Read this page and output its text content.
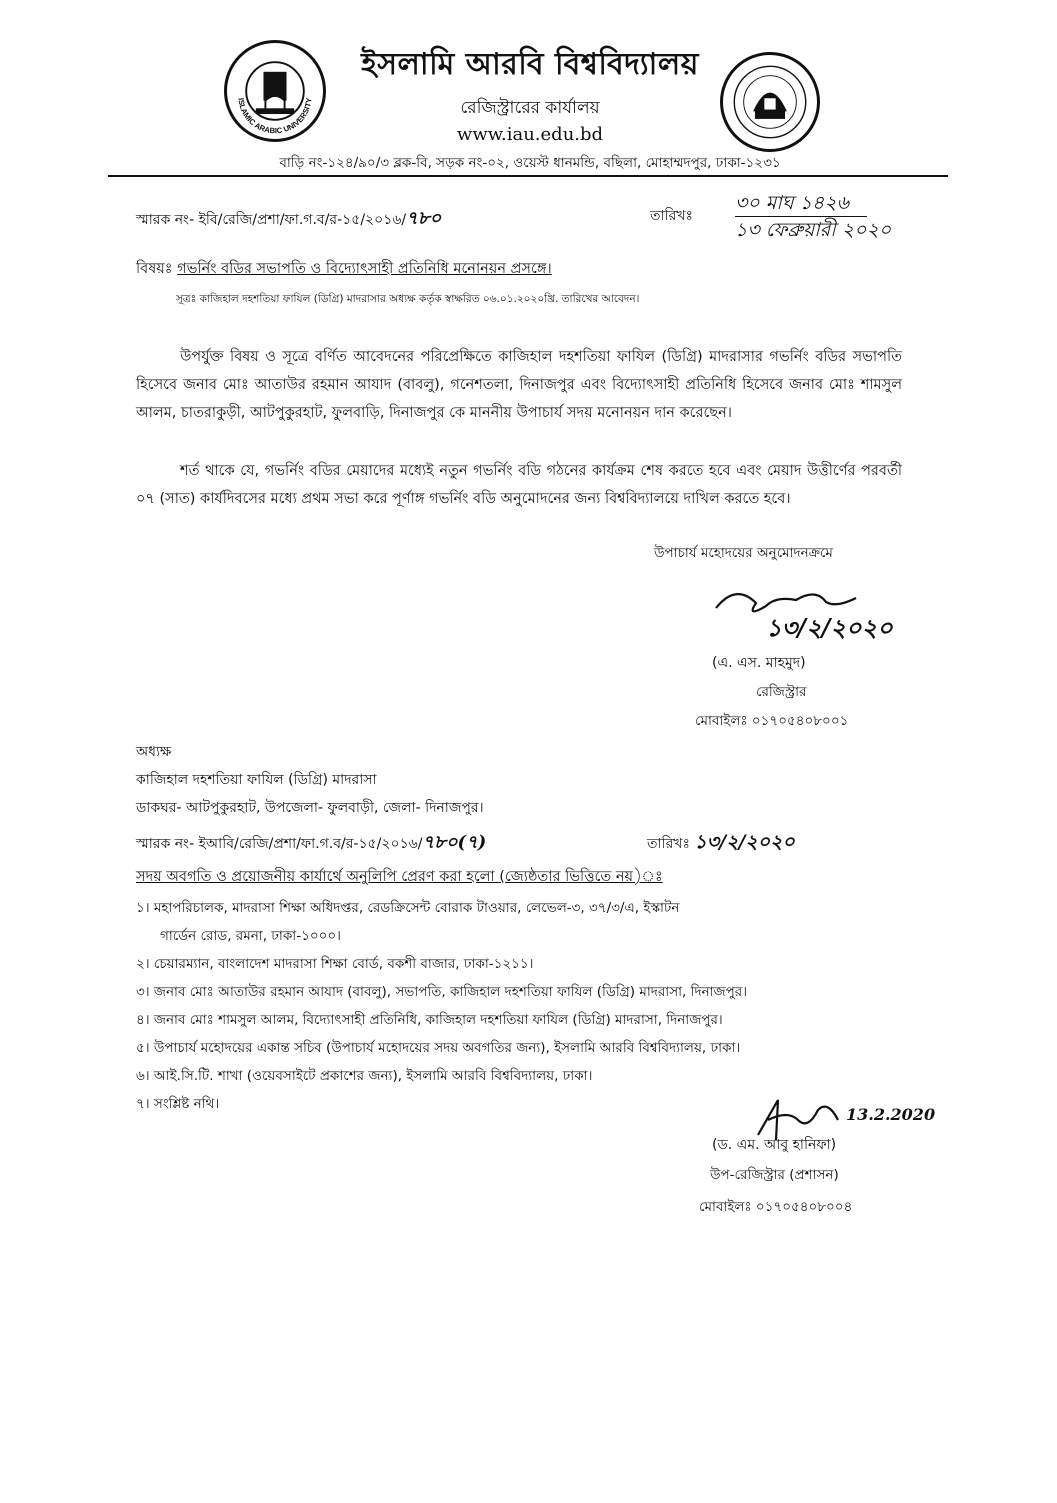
ISLAMIC ARABIC UNIVERSITY
ইসলামি আরবি বিশ্ববিদ্যালয়
রেজিস্ট্রারের কার্যালয়
www.iau.edu.bd
বাড়ি নং-১২৪/৯০/৩ ব্লক-বি, সড়ক নং-০২, ওয়েস্ট ধানমন্ডি, বছিলা, মোহাম্মদপুর, ঢাকা-১২৩১
স্মারক নং- ইবি/রেজি/প্রশা/ফা.গ.ব/র-১৫/২০১৬/৭৮০	তারিখঃ
৩০ মাঘ ১৪২৬
১৩ ফেব্রুয়ারী ২০২০
বিষয়ঃ গভর্নিং বডির সভাপতি ও বিদ্যোৎসাহী প্রতিনিধি মনোনয়ন প্রসঙ্গে।
সূত্রঃ কাজিহাল দহশতিয়া ফাযিল (ডিগ্রি) মাদরাসার অধ্যক্ষ কর্তৃক স্বাক্ষরিত ০৬.০১.২০২০খ্রি. তারিখের আবেদন।
উপর্যুক্ত বিষয় ও সূত্রে বর্ণিত আবেদনের পরিপ্রেক্ষিতে কাজিহাল দহশতিয়া ফাযিল (ডিগ্রি) মাদরাসার গভর্নিং বডির সভাপতি হিসেবে জনাব মোঃ আতাউর রহমান আযাদ (বাবলু), গনেশতলা, দিনাজপুর এবং বিদ্যোৎসাহী প্রতিনিধি হিসেবে জনাব মোঃ শামসুল আলম, চাতরাকুড়ী, আটপুকুরহাট, ফুলবাড়ি, দিনাজপুর কে মাননীয় উপাচার্য সদয় মনোনয়ন দান করেছেন।
শর্ত থাকে যে, গভর্নিং বডির মেয়াদের মধ্যেই নতুন গভর্নিং বডি গঠনের কার্যক্রম শেষ করতে হবে এবং মেয়াদ উত্তীর্ণের পরবর্তী ০৭ (সাত) কার্যদিবসের মধ্যে প্রথম সভা করে পূর্ণাঙ্গ গভর্নিং বডি অনুমোদনের জন্য বিশ্ববিদ্যালয়ে দাখিল করতে হবে।
উপাচার্য মহোদয়ের অনুমোদনক্রমে
১৩/২/২০২০
(এ. এস. মাহমুদ)
রেজিস্ট্রার
মোবাইলঃ ০১৭০৫৪০৮০০১
অধ্যক্ষ
কাজিহাল দহশতিয়া ফাযিল (ডিগ্রি) মাদরাসা
ডাকঘর- আটপুকুরহাট, উপজেলা- ফুলবাড়ী, জেলা- দিনাজপুর।
স্মারক নং- ইআবি/রেজি/প্রশা/ফা.গ.ব/র-১৫/২০১৬/৭৮০(৭)	তারিখঃ ১৩/২/২০২০
সদয় অবগতি ও প্রয়োজনীয় কার্যার্থে অনুলিপি প্রেরণ করা হলো (জ্যেষ্ঠতার ভিত্তিতে নয়)ঃ
১। মহাপরিচালক, মাদরাসা শিক্ষা অধিদপ্তর, রেডক্রিসেন্ট বোরাক টাওয়ার, লেভেল-৩, ৩৭/৩/এ, ইস্কাটন
গার্ডেন রোড, রমনা, ঢাকা-১০০০।
২। চেয়ারম্যান, বাংলাদেশ মাদরাসা শিক্ষা বোর্ড, বকশী বাজার, ঢাকা-১২১১।
৩। জনাব মোঃ আতাউর রহমান আযাদ (বাবলু), সভাপতি, কাজিহাল দহশতিয়া ফাযিল (ডিগ্রি) মাদরাসা, দিনাজপুর।
৪। জনাব মোঃ শামসুল আলম, বিদ্যোৎসাহী প্রতিনিধি, কাজিহাল দহশতিয়া ফাযিল (ডিগ্রি) মাদরাসা, দিনাজপুর।
৫। উপাচার্য মহোদয়ের একান্ত সচিব (উপাচার্য মহোদয়ের সদয় অবগতির জন্য), ইসলামি আরবি বিশ্ববিদ্যালয়, ঢাকা।
৬। আই.সি.টি. শাখা (ওয়েবসাইটে প্রকাশের জন্য), ইসলামি আরবি বিশ্ববিদ্যালয়, ঢাকা।
৭। সংশ্লিষ্ট নথি।
13.2.2020
(ড. এম. আবু হানিফা)
উপ-রেজিস্ট্রার (প্রশাসন)
মোবাইলঃ ০১৭০৫৪০৮০০৪
